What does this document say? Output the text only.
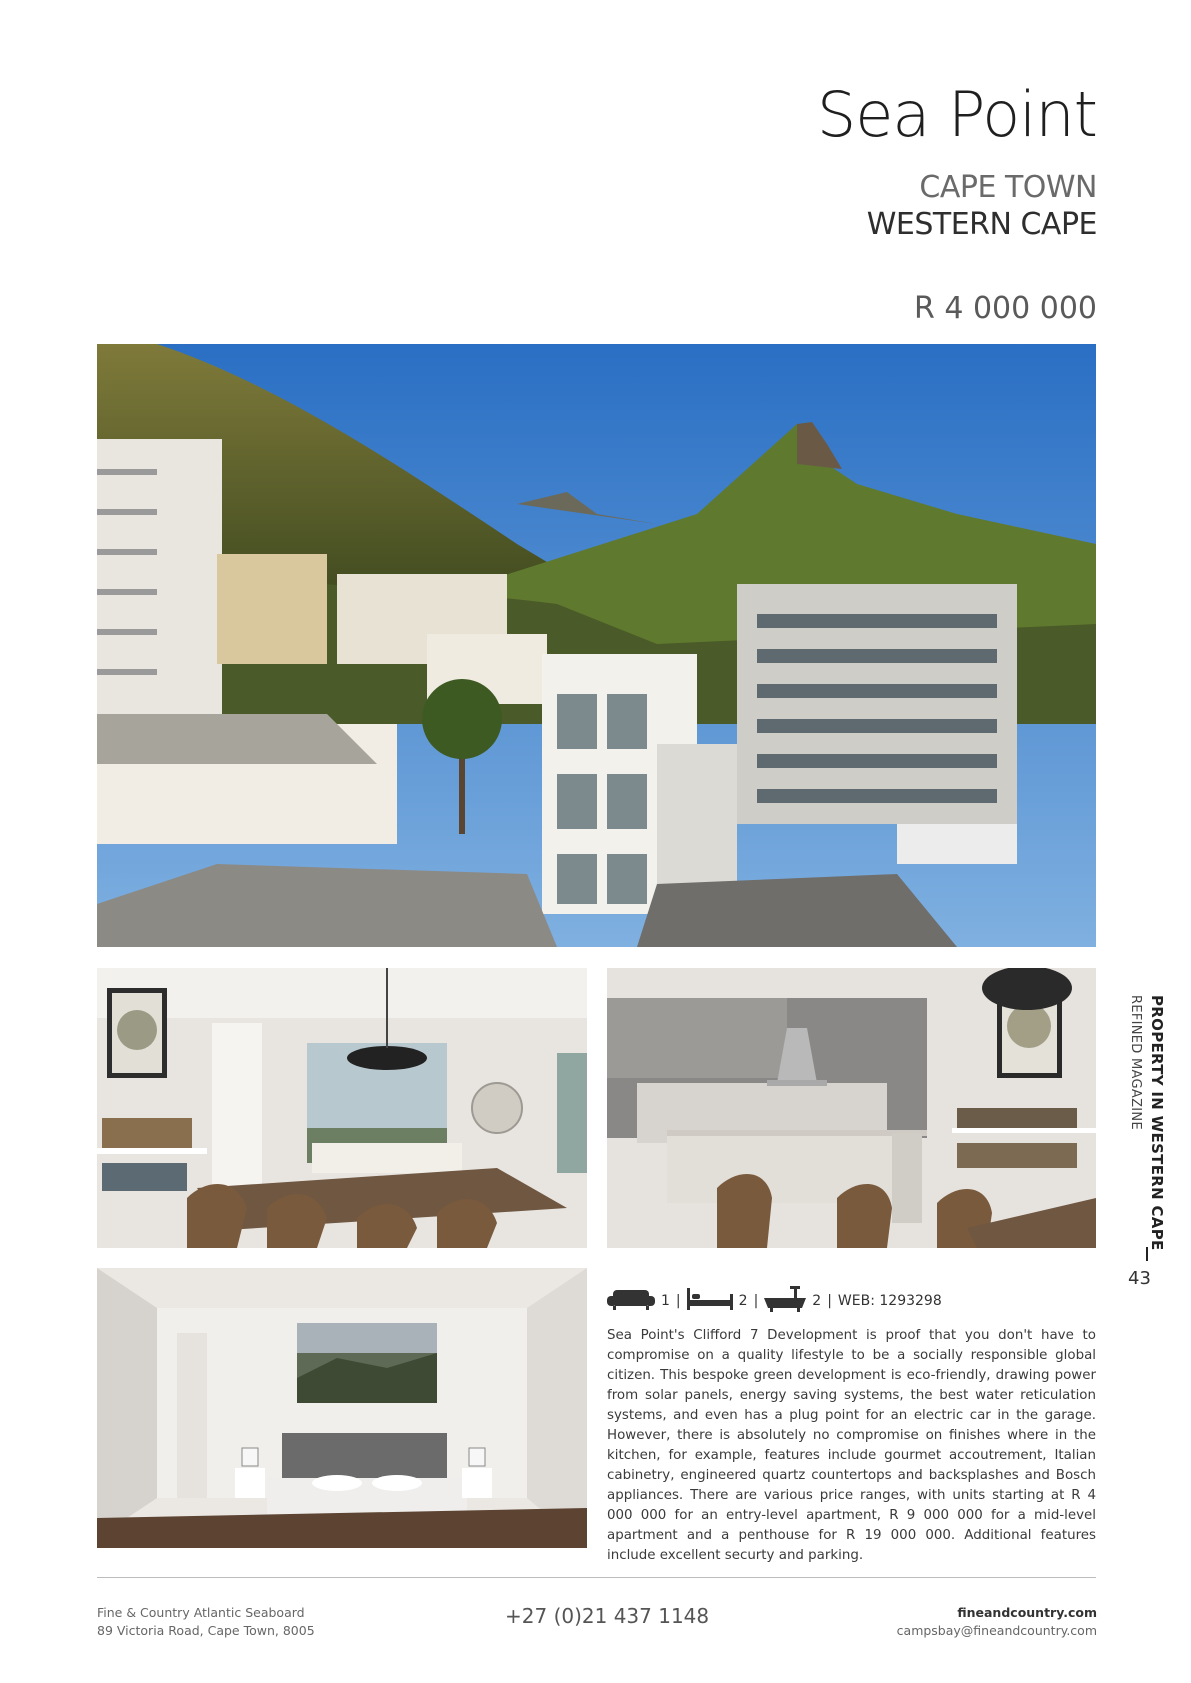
Sea Point
CAPE TOWN
WESTERN CAPE
R 4 000 000
PROPERTY IN WESTERN CAPE
REFINED MAGAZINE
43
1 |	2 |	2 | WEB: 1293298

Sea Point's Clifford 7 Development is proof that you don't have to compromise on a quality lifestyle to be a socially responsible global citizen. This bespoke green development is eco-friendly, drawing power from solar panels, energy saving systems, the best water reticulation systems, and even has a plug point for an electric car in the garage. However, there is absolutely no compromise on finishes where in the kitchen, for example, features include gourmet accoutrement, Italian cabinetry, engineered quartz countertops and backsplashes and Bosch appliances. There are various price ranges, with units starting at R 4 000 000 for an entry-level apartment, R 9 000 000 for a mid-level apartment and a penthouse for R 19 000 000. Additional features include excellent securty and parking.

Fine & Country Atlantic Seaboard
89 Victoria Road, Cape Town, 8005
+27 (0)21 437 1148	fineandcountry.com
campsbay@fineandcountry.com
